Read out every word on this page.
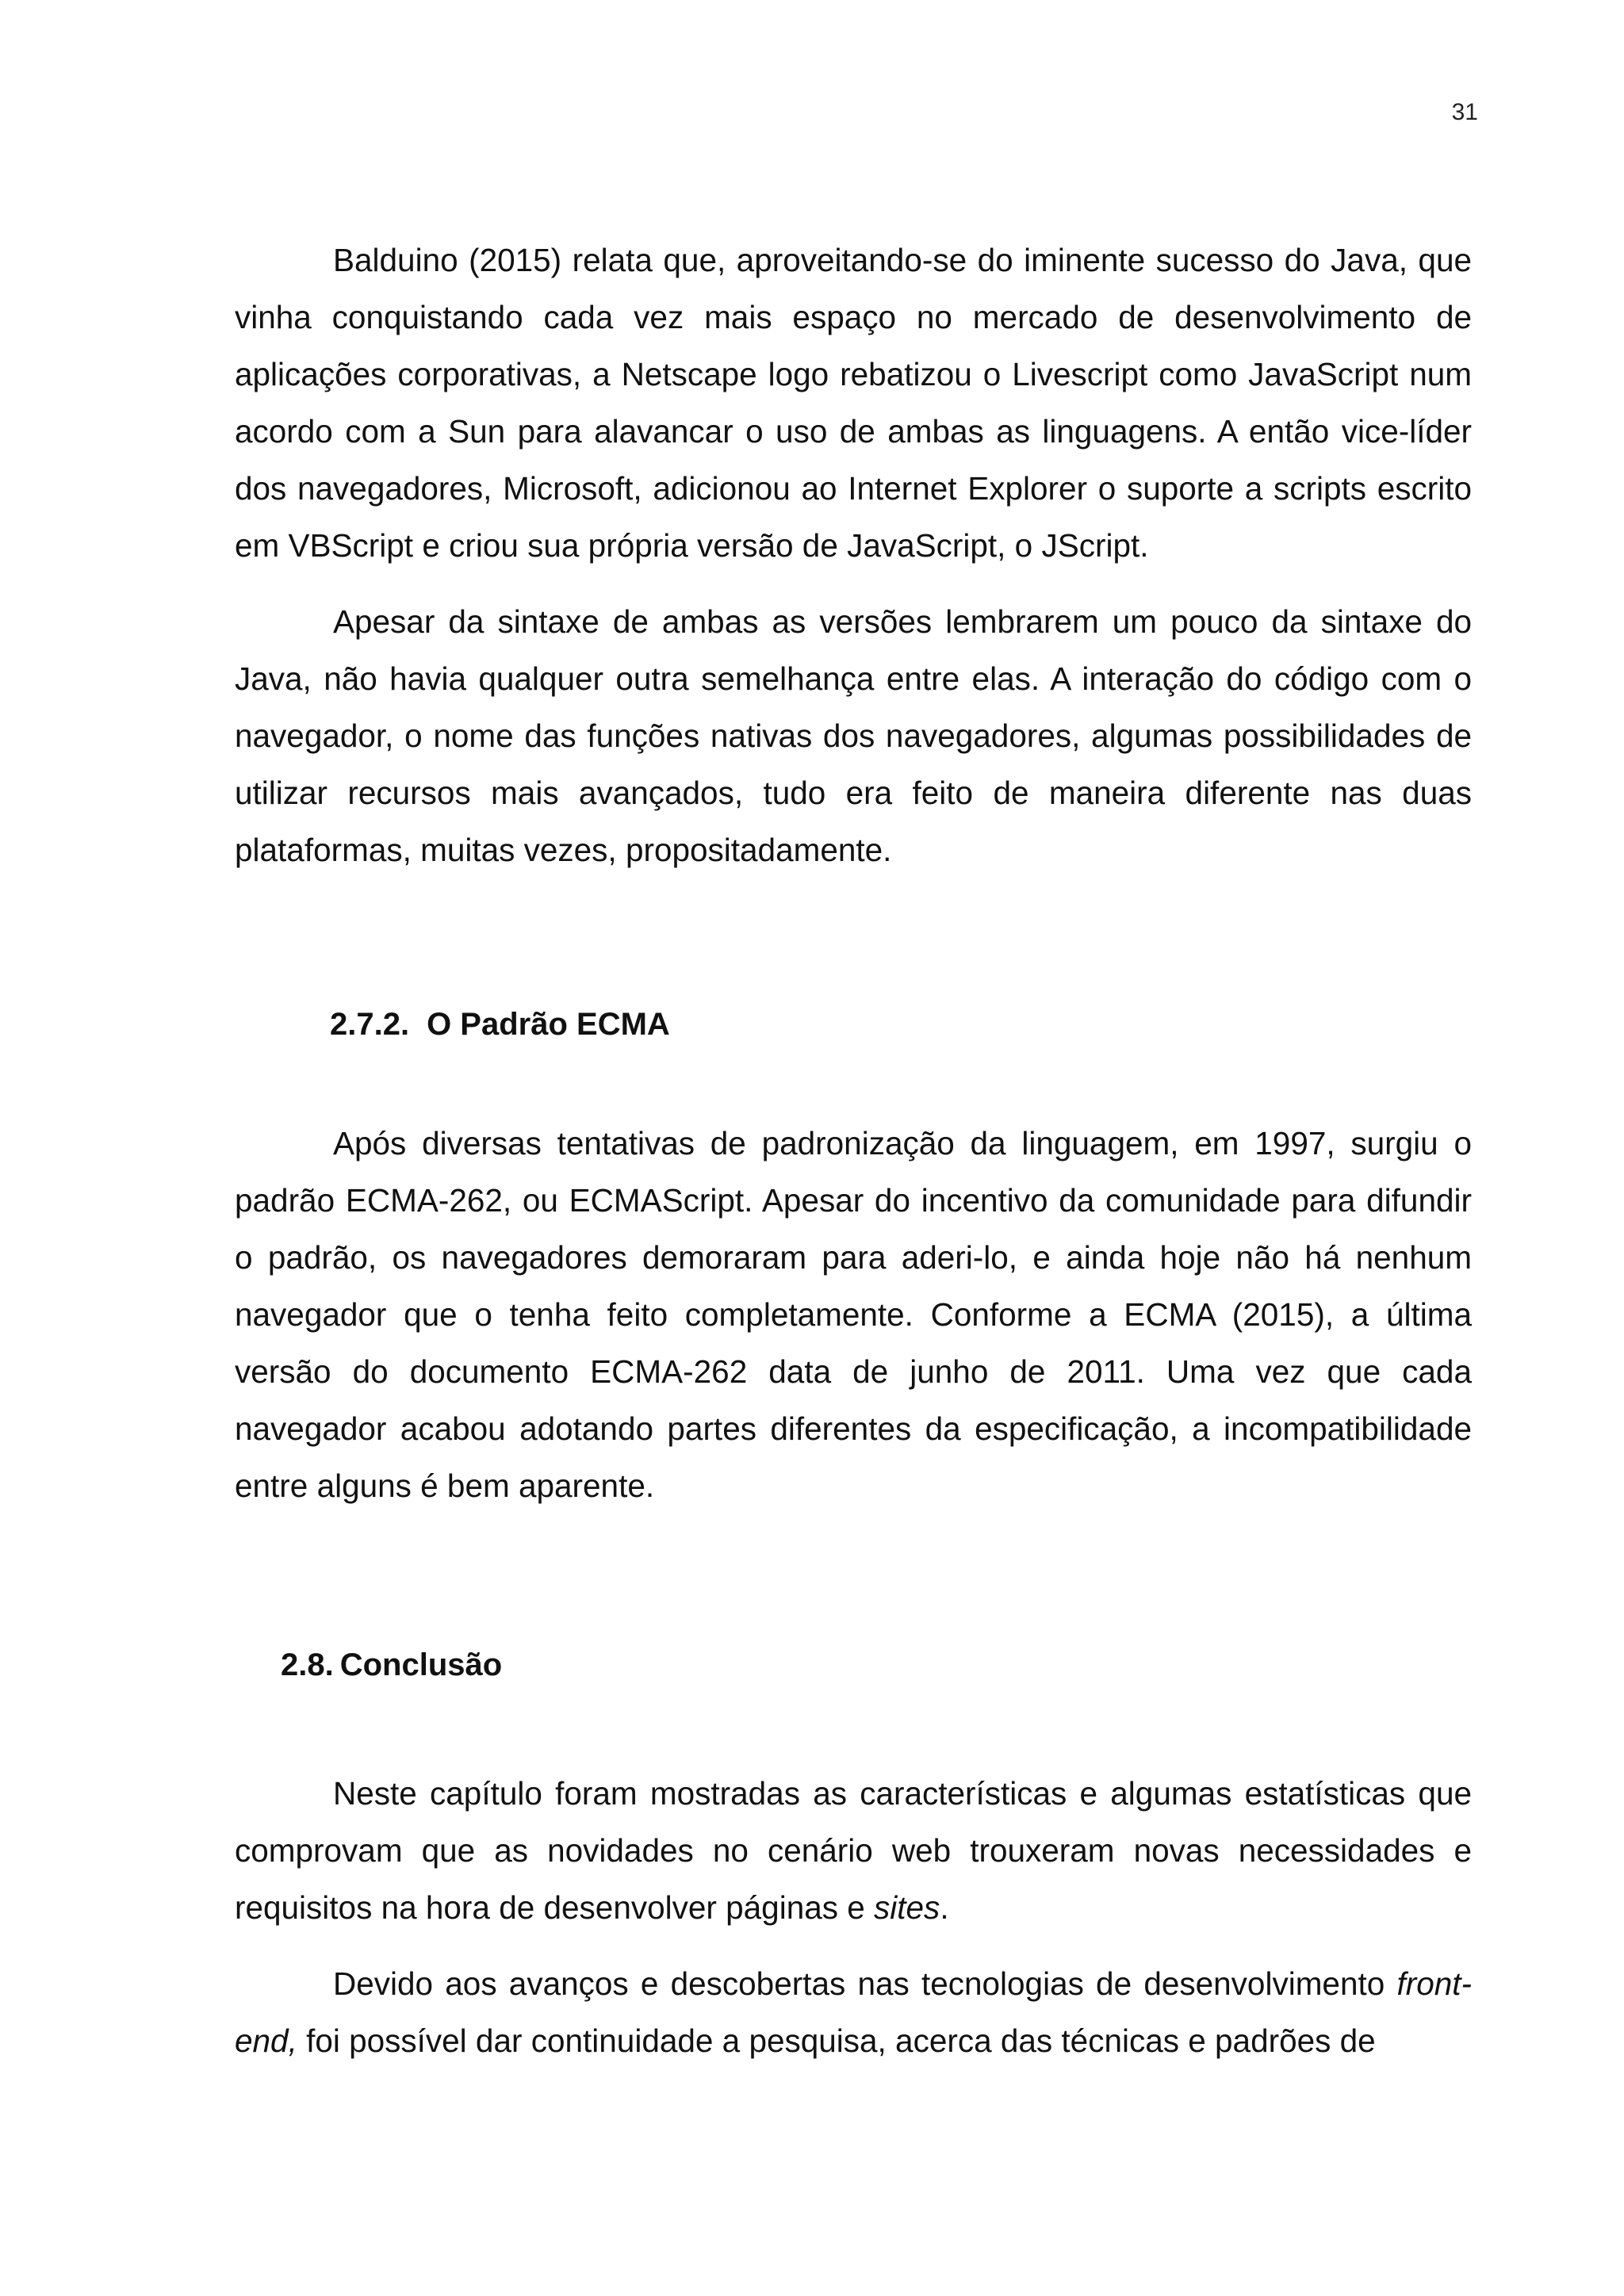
31

Balduino (2015) relata que, aproveitando-se do iminente sucesso do Java, que vinha conquistando cada vez mais espaço no mercado de desenvolvimento de aplicações corporativas, a Netscape logo rebatizou o Livescript como JavaScript num acordo com a Sun para alavancar o uso de ambas as linguagens. A então vice-líder dos navegadores, Microsoft, adicionou ao Internet Explorer o suporte a scripts escrito em VBScript e criou sua própria versão de JavaScript, o JScript.

Apesar da sintaxe de ambas as versões lembrarem um pouco da sintaxe do Java, não havia qualquer outra semelhança entre elas. A interação do código com o navegador, o nome das funções nativas dos navegadores, algumas possibilidades de utilizar recursos mais avançados, tudo era feito de maneira diferente nas duas plataformas, muitas vezes, propositadamente.

2.7.2. O Padrão ECMA

Após diversas tentativas de padronização da linguagem, em 1997, surgiu o padrão ECMA-262, ou ECMAScript. Apesar do incentivo da comunidade para difundir o padrão, os navegadores demoraram para aderi-lo, e ainda hoje não há nenhum navegador que o tenha feito completamente. Conforme a ECMA (2015), a última versão do documento ECMA-262 data de junho de 2011. Uma vez que cada navegador acabou adotando partes diferentes da especificação, a incompatibilidade entre alguns é bem aparente.

2.8. Conclusão

Neste capítulo foram mostradas as características e algumas estatísticas que comprovam que as novidades no cenário web trouxeram novas necessidades e requisitos na hora de desenvolver páginas e sites.

Devido aos avanços e descobertas nas tecnologias de desenvolvimento front-end, foi possível dar continuidade a pesquisa, acerca das técnicas e padrões de
